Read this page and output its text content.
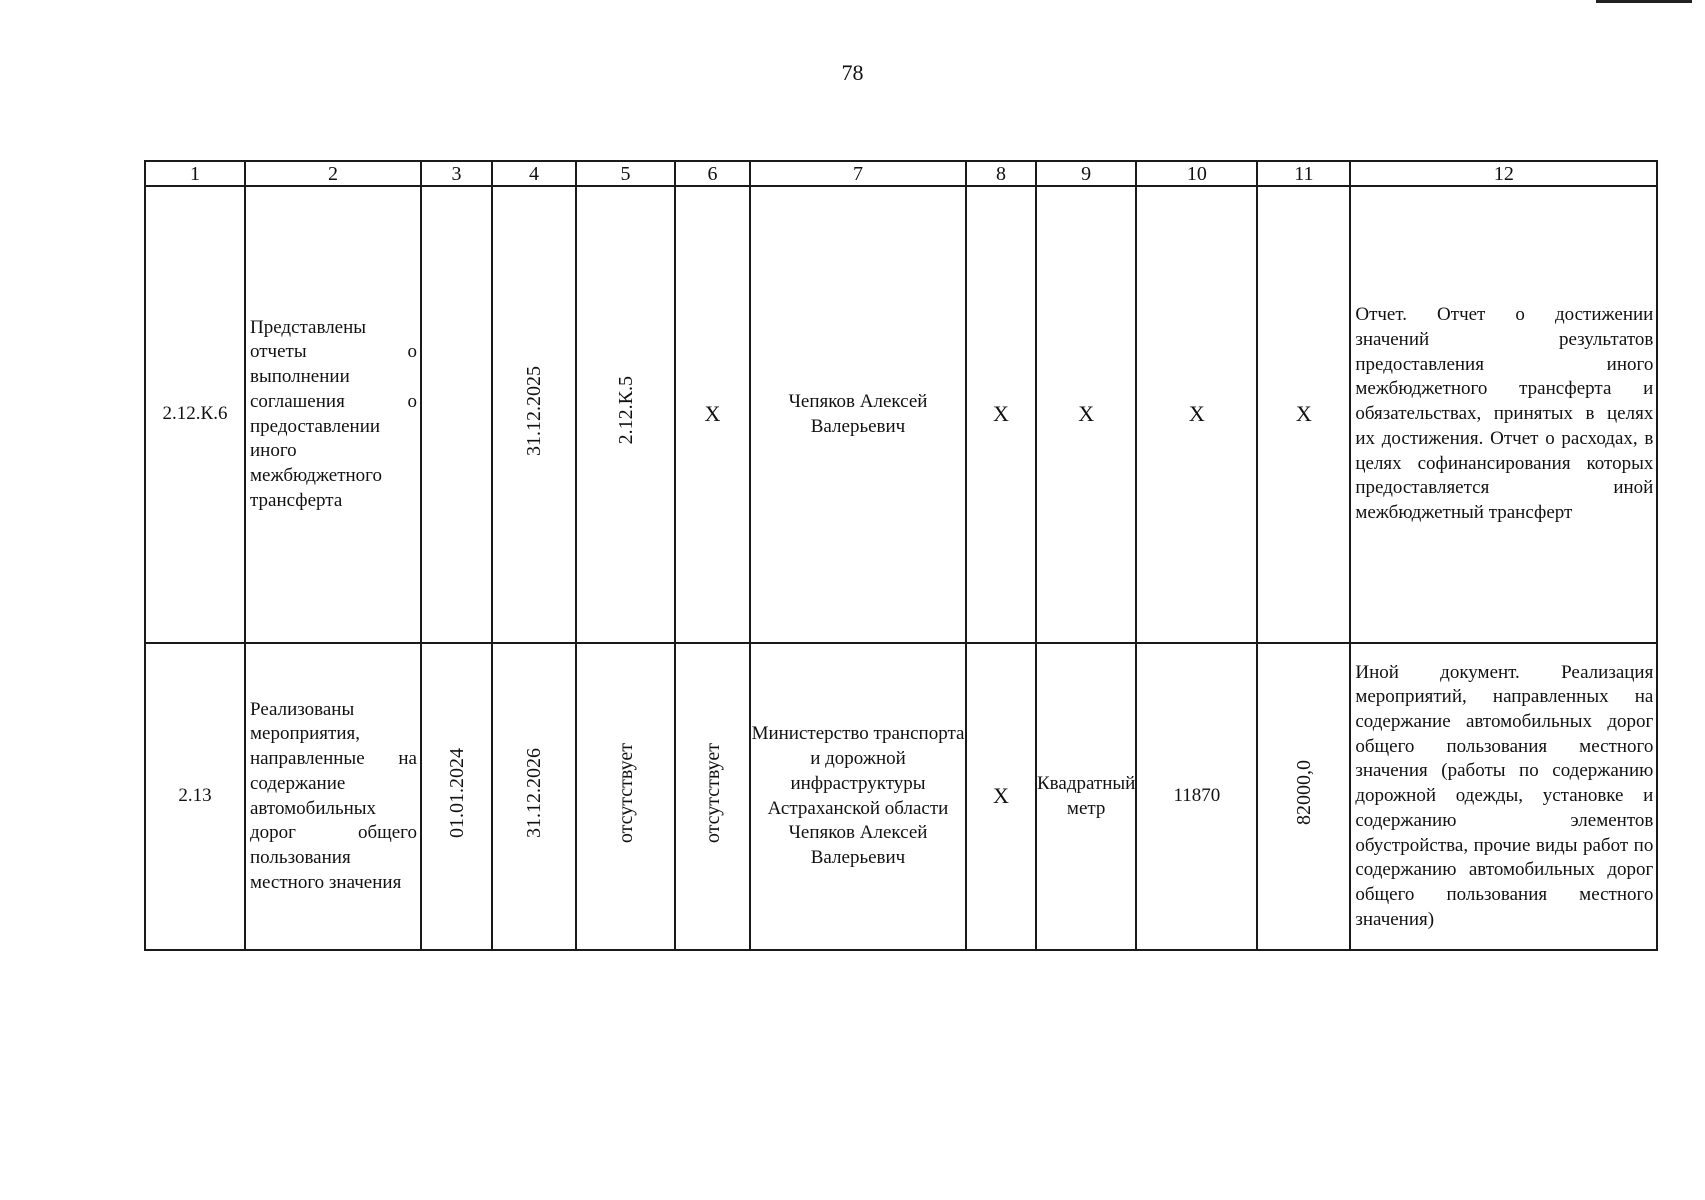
78
1	2	3	4	5	6	7	8	9	10	11	12
2.12.К.6	Представлены отчеты о выполнении соглашения о предоставлении иного межбюджетного трансферта		31.12.2025	2.12.К.5	X	Чепяков Алексей Валерьевич	X	X	X	X	Отчет. Отчет о достижении значений результатов предоставления иного межбюджетного трансферта и обязательствах, принятых в целях их достижения. Отчет о расходах, в целях софинансирования которых предоставляется иной межбюджетный трансферт
2.13	Реализованы мероприятия, направленные на содержание автомобильных дорог общего пользования местного значения	01.01.2024	31.12.2026	отсутствует	отсутствует	Министерство транспорта и дорожной инфраструктуры Астраханской области Чепяков Алексей Валерьевич	X	Квадратный метр	11870	82000,0	Иной документ. Реализация мероприятий, направленных на содержание автомобильных дорог общего пользования местного значения (работы по содержанию дорожной одежды, установке и содержанию элементов обустройства, прочие виды работ по содержанию автомобильных дорог общего пользования местного значения)
